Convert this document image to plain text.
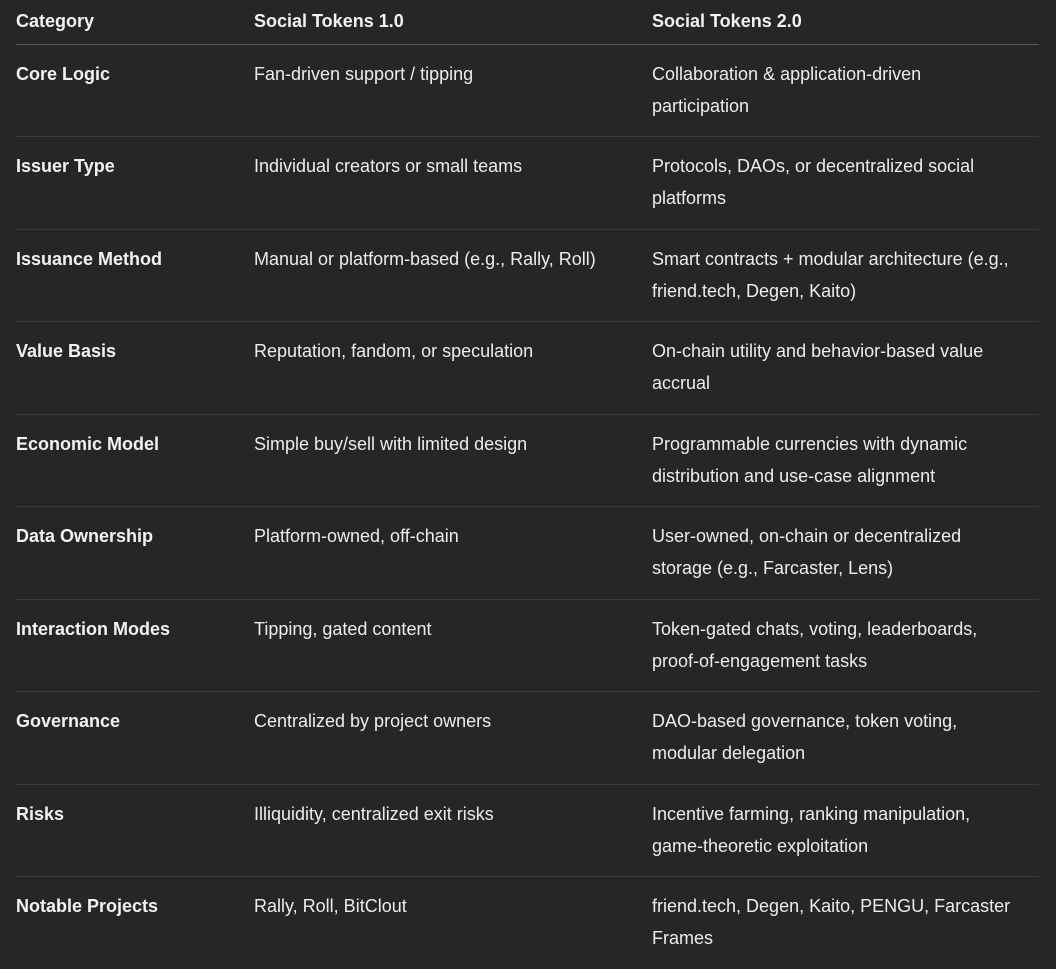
Category	Social Tokens 1.0	Social Tokens 2.0
Core Logic	Fan-driven support / tipping	Collaboration & application-driven participation
Issuer Type	Individual creators or small teams	Protocols, DAOs, or decentralized social platforms
Issuance Method	Manual or platform-based (e.g., Rally, Roll)	Smart contracts + modular architecture (e.g., friend.tech, Degen, Kaito)
Value Basis	Reputation, fandom, or speculation	On-chain utility and behavior-based value accrual
Economic Model	Simple buy/sell with limited design	Programmable currencies with dynamic distribution and use-case alignment
Data Ownership	Platform-owned, off-chain	User-owned, on-chain or decentralized storage (e.g., Farcaster, Lens)
Interaction Modes	Tipping, gated content	Token-gated chats, voting, leaderboards, proof-of-engagement tasks
Governance	Centralized by project owners	DAO-based governance, token voting, modular delegation
Risks	Illiquidity, centralized exit risks	Incentive farming, ranking manipulation, game-theoretic exploitation
Notable Projects	Rally, Roll, BitClout	friend.tech, Degen, Kaito, PENGU, Farcaster Frames
